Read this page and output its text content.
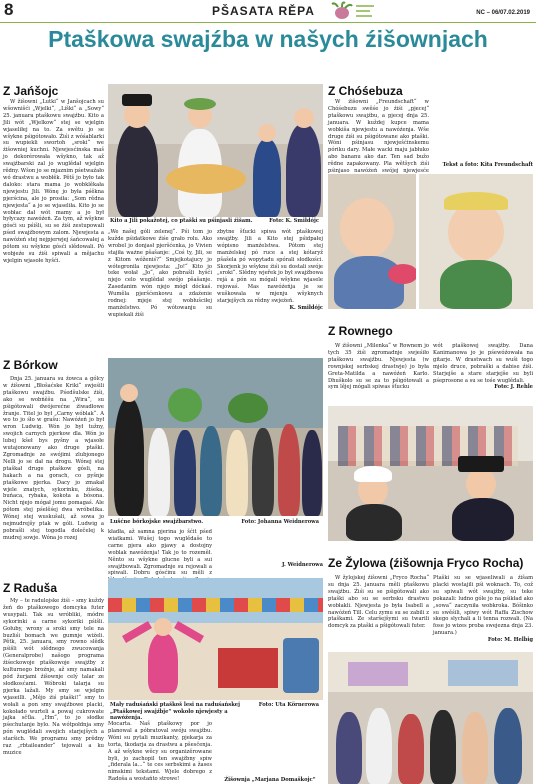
8	PŠASATA RĚPA	NC – 06/07.02.2019
Ptaškowa swajźba w našych źišownjach
Z Jańšojc

W žišowni „Lutki“ w Janšojcach su wšownišći „Wjelki“, „Liški“ a „Sowy“ 25. januara ptaškowu swajźbu. Kito a Jili wót „Wjelkow“ stej se wjelgin wjaseliłej na to. Za swětu jo se wšykne pśigótowało. Źiśi z wóśablarki su wupiekli swortoh „sroki“ we źišowniej kuchni. Njewjesćinska maš jo dekorérowała wšykno, tak až swajźbarski zal jo wuglědał wjelgin rědny. Wšon jo se mjaznim pśetwaźało wó drastwu a wobłěk. Pětš jo było tak daloko: stara mama jo wobklěkała njewjestu Jili. Wónę jo była pśěkna pjerścina, ale jo prosiła: „Som rědna njewjesta“ a jo se wjaseliła. Kito jo se wobłac dał wót mamy a jo był byłycazy nawóźeń. Za tym, až wšykne gósći su pśišli, su se źiśi zestupowali pśed swajźbowym zalom. Njewjesta a nawóźeń stej nejpjerwjej śańcowałej a pótom su wšykne gósći slědowali. Pó wobjeźe su źiśi spiwali a mějachu wjelgin wjasołe hyšći.

Kito a Jili pokažotej, co ptaški su pśinjasli źišam.	Foto: K. Smiłdójc

„We našej góli zelenej“. Pśi tom jo kužde pśidatkowe źiśe grało rolu. Ako wrobel jo donjasł pjeršćenka, jo Vivien stajiła ważne pšašanje: „Coś ty, Jili, se z Kitom wóženiś?“ Smjejkotajucy jo wótegronila njewjesta: „Jo!“ Kito jo teke wołał „Jo“, ako pobrašli hyšći njejo celo wuglědał swójo pšašanje. Zasedanim wón njejo mógł dóckaś. Wuměla pjeršćenkowu a zdaźenie rodnej: mjeje stej wobłušciłej manźelstwo. Pó wótowanju su wupiekali źiśi

zbytne šťucki spiwa wót ptaškowej swajźby. Jili a Kito stej pśidpałej wópisno manźelstwa. Pótom stej manźelskej pó ruce a stej kótaryž pšašela pó wopytadu spórali słodkości. Skorjenk jo wšykne źiśi su dostali swóje „sroki“. Slědny wjeřek jo był swajźbowa rejá a pón su mógali wšykne wjasele rejowaś. Mas nawóźeńja je se wuškowala w mjenju wšyknych starjejšych za rědny swjeźeń.

K. Smiłdójc
Z Chóśebuza

W źišowni „Freundschaft“ w Chóśebuzu swěśe jo źiśi „pjecej“ ptaškowu swajźbu, a pjecej dnja 25. januara. W kuždej kupce mama wobkiša njewjestu a nawóźenja. Wše druge źiśi su pśigótowane ako ptaški. Wóni pśinjasu njewješćinskemu póriku dary. Małe wacki maju jabłuko abo bananu ako dar. Ten sad bužo rědne zapakowany. Pla wětšych źiśi pśinjaso nawóźeń swójej njewjesće

Tekst a foto: Kita Freundschaft
Z Rownego

W źišowni „Milenka“ w Rownem jo tych 35 źiśi zgromadnje swjeśiło ptaškowu swajźbu. Njewjesta (w rownjskej serbskej drastwje) jo była Greta-Matilda a nawóźeń Karlo. Dhuškolo su se za to pśigótowali a sym lějej mógali spiwas šťucku

wót ptaškowej swajźby. Dana Kanimanowa jo je pśewóźowała na gitarje. W drastwach su wuši togo mjelo druce, pobraški a dabise źiśi. Starjejše a stare starjejše su byli pśeprosone a su se tośe wuglědali.

Foto: J. Rehle
Z Bórkow

Dnja 25. januara su źowca a gólcy w źišowni „Błošaćske Kriki“ swjeśili ptaškowu swajźbu. Pśedšulske źiśi, ako se wobńěšu na „Wira“, su pśigótowali dwójerećne źiwadłowe žranje. Titel jo był „Carny wóblak“. A wo to jo śło w grašu: Nawóźeń jo był wron Ludwig. Wón jo był tužny, swojich carnych pjerkow dla. Wón jo lubej kšeł bys pyšny a wjasołe wutajonowany ako druge ptaški. Zgromadnje ze swójimi zlubjonego Nelli jo se dał na drogu. Wónej stej ptaškał druge ptaškow gósli, na hakach a na gorach, co pyšnje ptaškowe pjerka. Dacy jo zmakał wjele znatych, sykorinku, źiśeka, buńaca, rybaka, kokota a bósona. Nicht njejo mógał jomu pomagaś. Ale pótom stej pśelěśej dwa wróbelika. Wónej stej wuskušali, až sowa jo nejmudrejšy ptak w góli. Ludwig a pobrašli stej togodla dolečelej k mudrej sowje. Wóna jo rozej

Lušćne bórkojske swajźbarstwo.	Foto: Johanna Weidnerowa

kładła, až samna pjerina jo šćit pśed wiatkami. Wušej togo wuglědaše to carne pjera ako pjawy a dostojny woblak nawóźenja! Tak jo to rozeměł. Něnto su wšykne glucne byli a sui swajźbowali. Zgromadnje su rejowali a spiwali. Dobru gósćinu su měli z

J. Weidnerowa
Z Raduša

My – te radulojske źiśi – smy kuždy žeń do ptaškowego domcyka futer wusypali. Tak su wróbliki, módre sykorinki a carne sykoriki pśišli. Gołuby, wrony a sroki smy tele na buzliśi bomach we gumnje wiźeli. Pětk, 25. januara, smy rowno slědk pśišli wót slědnego zwucowanja (Generalprobe) našogo programa źiśeckowoje ptaškowoje swajźby z kulturnego broźnje, až smy namakali pód žurjami źišownje celý talar ze słodkosćami. Wóbroki talarja su pjerka lažali. My smy se wjelgin wjaseilli. „Mějo źiś ptaški!“ smy to wołali a pon smy swajźbowe placki, kokołado wurteli a powaj cukrowate jajka sčťla. „Hm“, to jo słodke pśechutanje bylo. Na wótpołdnja smy pón wuglědali swojich starjejšych a staršich. We programu smy prědny raz „rbtaileander“ tejowali a ku muzice

Mały raduśański ptaškoš lesi na raduśańskej „Ptaškowej swajźbje“ wokoło njewjesty a nawóźenja.
Foto: Uta Körnerowa

Mocarta. Naš ptaškowy por jo planowal a póbratoval swóju swajźbu. Wóni su pytali muzikanty, pjekarja za torta, tkodarja za drastwu a pšesčenja. A až wšykne wěcy su organizěrowane byli, jo zachopil ten swajźbny spiw „fiderala la...“ te ces serbskimi a žases nimskimi tekstami. Wjele dobrego z Radoša a wostańto strowe!	Źišownja „Marjana Domaškojc“
Ze Žylowa (źišownja Fryco Rocha)

W žylojskej źišowni „Fryco Rocha“ su dnja 25. januara měli ptaškowu swajźbu. Źiśi su se pśigótowali ako ptaški abo su se serbsku drastwu wobłakli. Njewjesta jo była Isabell a nawóźeń Till. Celu zymu su se zabili z ptaškami. Ze staršejšymi su twarili domcyk za ptaški a pšigótowali futer.

Ptaški su se wjaseliwali a źišam placki wostajili pśi woknach. To, což su spiwali wót swajźby, su teke pokazali: ludno góle jo na pśikład ako „sowa“ zaczyniła wobkroka. Bóšinko su swěśili, spiwy wót Raffa Zischow skego slychali a li tenna rozwali. (Na fose jo wizes proba swejezna dnja 23. januara.)

Foto: M. Helbig
